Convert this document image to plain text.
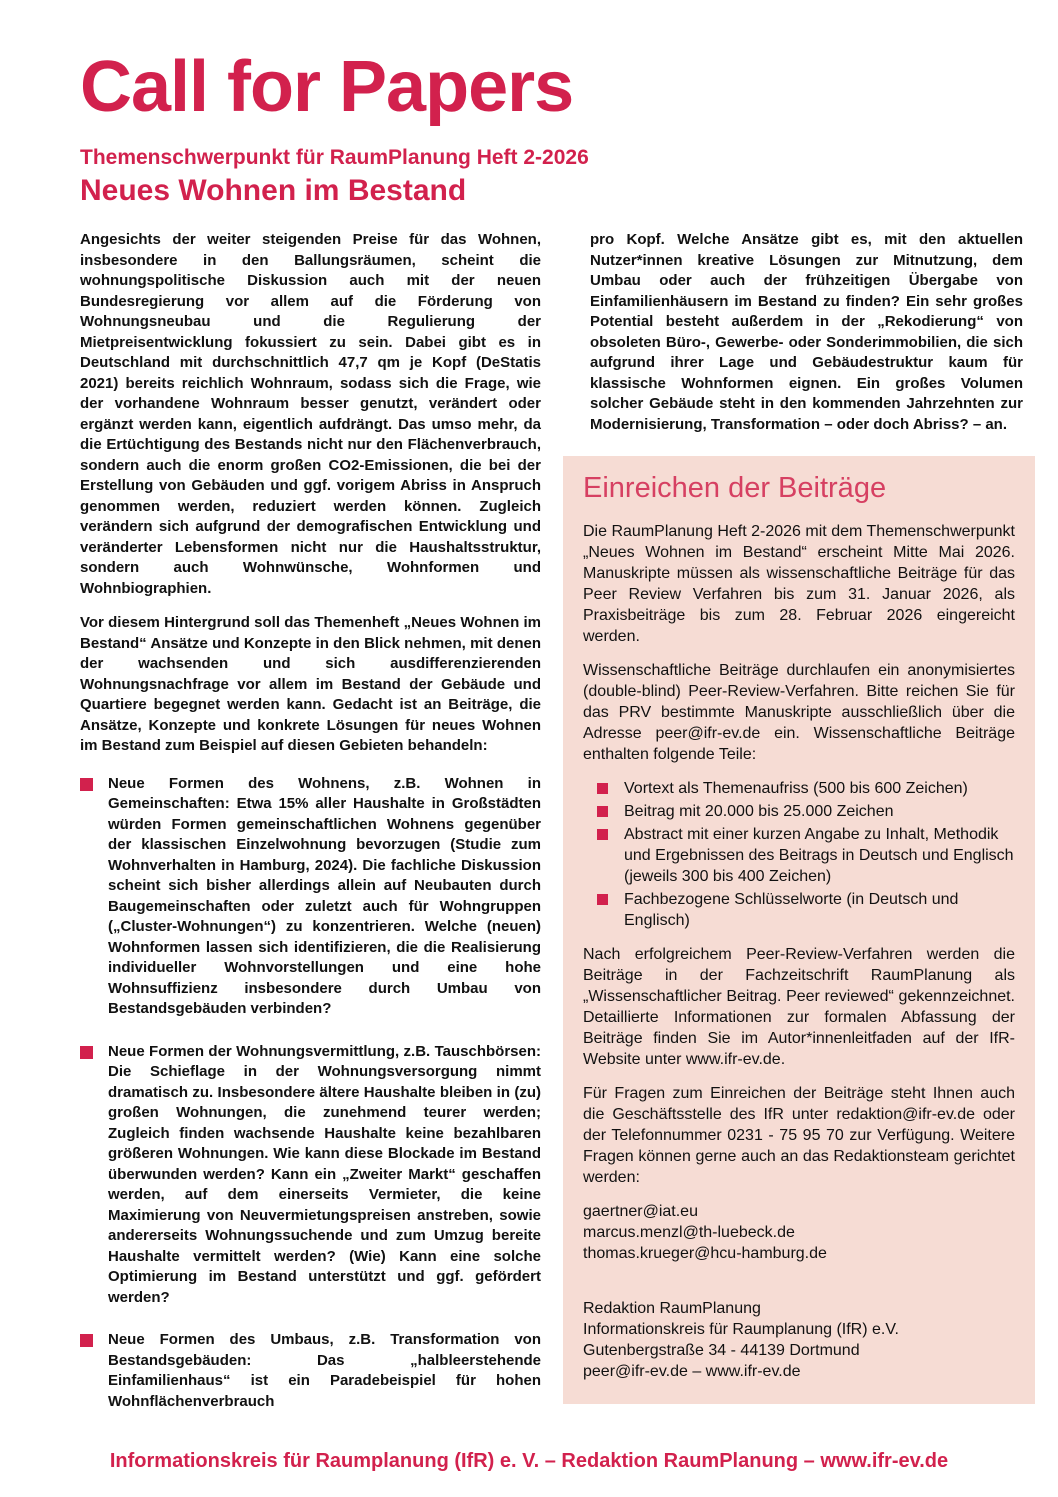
Call for Papers
Themenschwerpunkt für RaumPlanung Heft 2-2026
Neues Wohnen im Bestand

Angesichts der weiter steigenden Preise für das Wohnen, insbesondere in den Ballungsräumen, scheint die wohnungspolitische Diskussion auch mit der neuen Bundesregierung vor allem auf die Förderung von Wohnungsneubau und die Regulierung der Mietpreisentwicklung fokussiert zu sein. Dabei gibt es in Deutschland mit durchschnittlich 47,7 qm je Kopf (DeStatis 2021) bereits reichlich Wohnraum, sodass sich die Frage, wie der vorhandene Wohnraum besser genutzt, verändert oder ergänzt werden kann, eigentlich aufdrängt. Das umso mehr, da die Ertüchtigung des Bestands nicht nur den Flächenverbrauch, sondern auch die enorm großen CO2-Emissionen, die bei der Erstellung von Gebäuden und ggf. vorigem Abriss in Anspruch genommen werden, reduziert werden können. Zugleich verändern sich aufgrund der demografischen Entwicklung und veränderter Lebensformen nicht nur die Haushaltsstruktur, sondern auch Wohnwünsche, Wohnformen und Wohnbiographien.

Vor diesem Hintergrund soll das Themenheft „Neues Wohnen im Bestand“ Ansätze und Konzepte in den Blick nehmen, mit denen der wachsenden und sich ausdifferenzierenden Wohnungsnachfrage vor allem im Bestand der Gebäude und Quartiere begegnet werden kann. Gedacht ist an Beiträge, die Ansätze, Konzepte und konkrete Lösungen für neues Wohnen im Bestand zum Beispiel auf diesen Gebieten behandeln:

Neue Formen des Wohnens, z.B. Wohnen in Gemeinschaften: Etwa 15% aller Haushalte in Großstädten würden Formen gemeinschaftlichen Wohnens gegenüber der klassischen Einzelwohnung bevorzugen (Studie zum Wohnverhalten in Hamburg, 2024). Die fachliche Diskussion scheint sich bisher allerdings allein auf Neubauten durch Baugemeinschaften oder zuletzt auch für Wohngruppen („Cluster-Wohnungen“) zu konzentrieren. Welche (neuen) Wohnformen lassen sich identifizieren, die die Realisierung individueller Wohnvorstellungen und eine hohe Wohnsuffizienz insbesondere durch Umbau von Bestandsgebäuden verbinden?
Neue Formen der Wohnungsvermittlung, z.B. Tauschbörsen: Die Schieflage in der Wohnungsversorgung nimmt dramatisch zu. Insbesondere ältere Haushalte bleiben in (zu) großen Wohnungen, die zunehmend teurer werden; Zugleich finden wachsende Haushalte keine bezahlbaren größeren Wohnungen. Wie kann diese Blockade im Bestand überwunden werden? Kann ein „Zweiter Markt“ geschaffen werden, auf dem einerseits Vermieter, die keine Maximierung von Neuvermietungspreisen anstreben, sowie andererseits Wohnungssuchende und zum Umzug bereite Haushalte vermittelt werden? (Wie) Kann eine solche Optimierung im Bestand unterstützt und ggf. gefördert werden?
Neue Formen des Umbaus, z.B. Transformation von Bestandsgebäuden: Das „halbleerstehende Einfamilienhaus“ ist ein Paradebeispiel für hohen Wohnflächenverbrauch

pro Kopf. Welche Ansätze gibt es, mit den aktuellen Nutzer*innen kreative Lösungen zur Mitnutzung, dem Umbau oder auch der frühzeitigen Übergabe von Einfamilienhäusern im Bestand zu finden? Ein sehr großes Potential besteht außerdem in der „Rekodierung“ von obsoleten Büro-, Gewerbe- oder Sonderimmobilien, die sich aufgrund ihrer Lage und Gebäudestruktur kaum für klassische Wohnformen eignen. Ein großes Volumen solcher Gebäude steht in den kommenden Jahrzehnten zur Modernisierung, Transformation – oder doch Abriss? – an.

Einreichen der Beiträge

Die RaumPlanung Heft 2-2026 mit dem Themenschwerpunkt „Neues Wohnen im Bestand“ erscheint Mitte Mai 2026. Manuskripte müssen als wissenschaftliche Beiträge für das Peer Review Verfahren bis zum 31. Januar 2026, als Praxisbeiträge bis zum 28. Februar 2026 eingereicht werden.

Wissenschaftliche Beiträge durchlaufen ein anonymisiertes (double-blind) Peer-Review-Verfahren. Bitte reichen Sie für das PRV bestimmte Manuskripte ausschließlich über die Adresse peer@ifr-ev.de ein. Wissenschaftliche Beiträge enthalten folgende Teile:

Vortext als Themenaufriss (500 bis 600 Zeichen)
Beitrag mit 20.000 bis 25.000 Zeichen
Abstract mit einer kurzen Angabe zu Inhalt, Methodik und Ergebnissen des Beitrags in Deutsch und Englisch (jeweils 300 bis 400 Zeichen)
Fachbezogene Schlüsselworte (in Deutsch und Englisch)

Nach erfolgreichem Peer-Review-Verfahren werden die Beiträge in der Fachzeitschrift RaumPlanung als „Wissenschaftlicher Beitrag. Peer reviewed“ gekennzeichnet. Detaillierte Informationen zur formalen Abfassung der Beiträge finden Sie im Autor*innenleitfaden auf der IfR-Website unter www.ifr-ev.de.

Für Fragen zum Einreichen der Beiträge steht Ihnen auch die Geschäftsstelle des IfR unter redaktion@ifr-ev.de oder der Telefonnummer 0231 - 75 95 70 zur Verfügung. Weitere Fragen können gerne auch an das Redaktionsteam gerichtet werden:

gaertner@iat.eu
marcus.menzl@th-luebeck.de
thomas.krueger@hcu-hamburg.de
Redaktion RaumPlanung
Informationskreis für Raumplanung (IfR) e.V.
Gutenbergstraße 34 - 44139 Dortmund
peer@ifr-ev.de – www.ifr-ev.de
Informationskreis für Raumplanung (IfR) e. V. – Redaktion RaumPlanung – www.ifr-ev.de
